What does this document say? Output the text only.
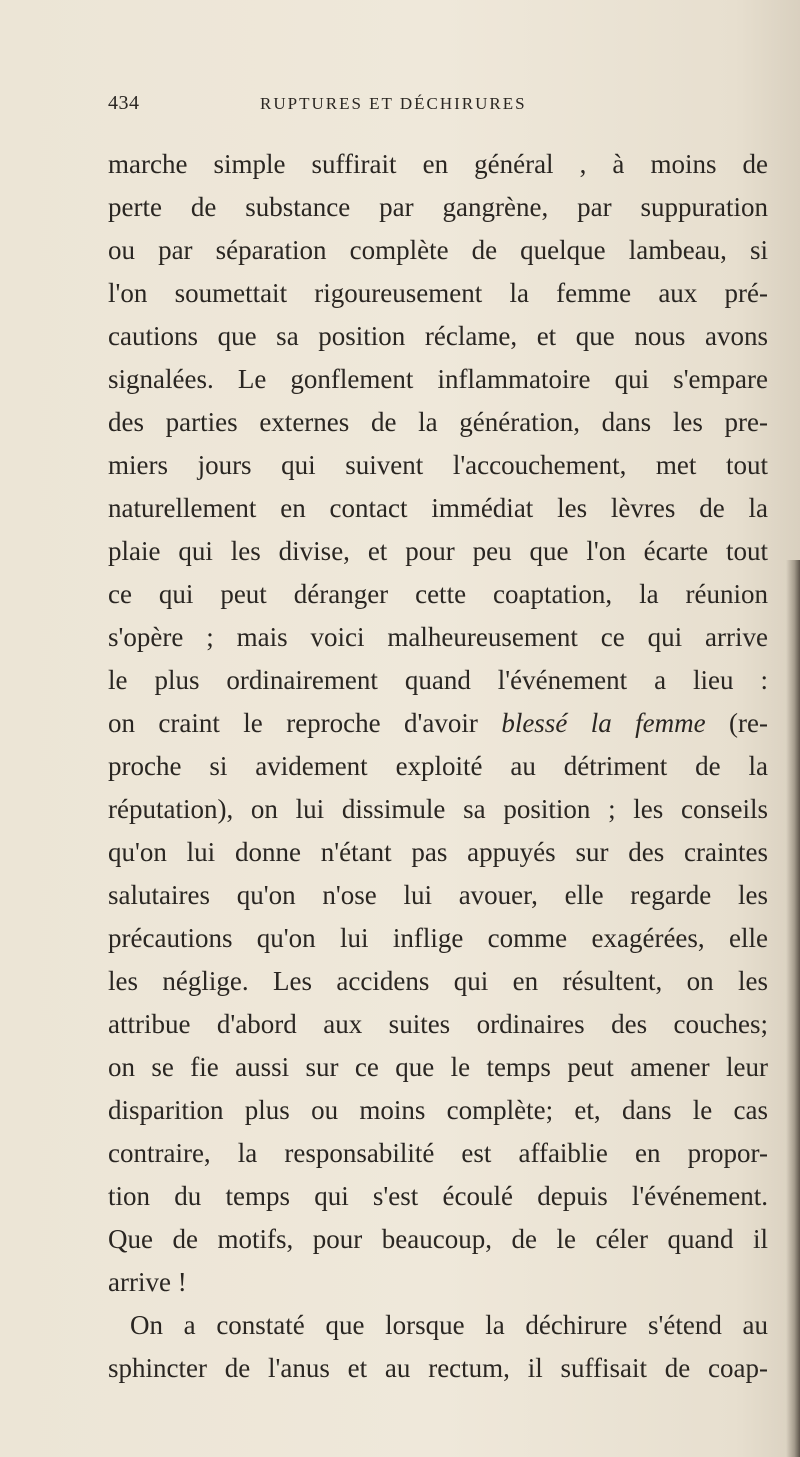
434	RUPTURES ET DÉCHIRURES
marche simple suffirait en général , à moins de
perte de substance par gangrène, par suppuration
ou par séparation complète de quelque lambeau, si
l'on soumettait rigoureusement la femme aux pré-
cautions que sa position réclame, et que nous avons
signalées. Le gonflement inflammatoire qui s'empare
des parties externes de la génération, dans les pre-
miers jours qui suivent l'accouchement, met tout
naturellement en contact immédiat les lèvres de la
plaie qui les divise, et pour peu que l'on écarte tout
ce qui peut déranger cette coaptation, la réunion
s'opère ; mais voici malheureusement ce qui arrive
le plus ordinairement quand l'événement a lieu :
on craint le reproche d'avoir blessé la femme (re-
proche si avidement exploité au détriment de la
réputation), on lui dissimule sa position ; les conseils
qu'on lui donne n'étant pas appuyés sur des craintes
salutaires qu'on n'ose lui avouer, elle regarde les
précautions qu'on lui inflige comme exagérées, elle
les néglige. Les accidens qui en résultent, on les
attribue d'abord aux suites ordinaires des couches;
on se fie aussi sur ce que le temps peut amener leur
disparition plus ou moins complète; et, dans le cas
contraire, la responsabilité est affaiblie en propor-
tion du temps qui s'est écoulé depuis l'événement.
Que de motifs, pour beaucoup, de le céler quand il
arrive !
On a constaté que lorsque la déchirure s'étend au
sphincter de l'anus et au rectum, il suffisait de coap-
